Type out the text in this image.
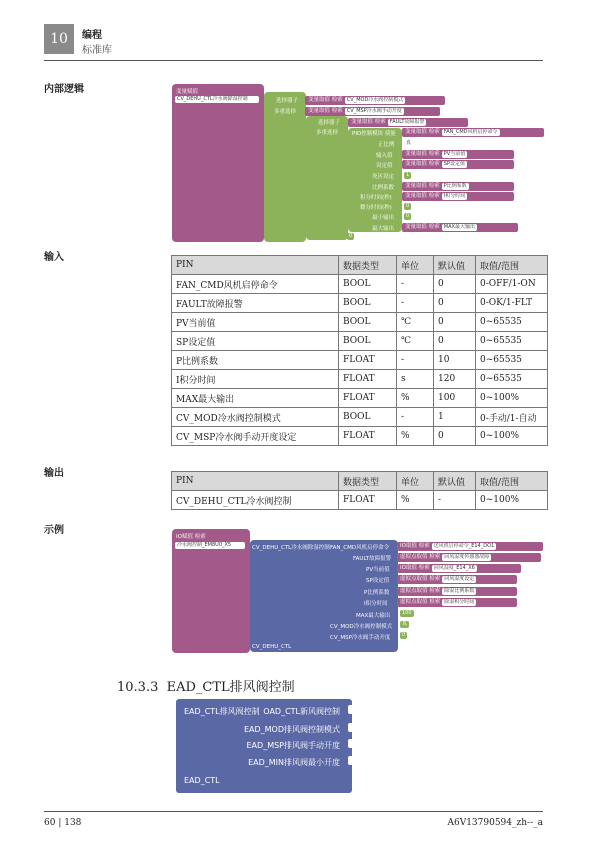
10 编程
标准库
内部逻辑	变量赋值
CV_DEHU_CTL冷水阀除湿控制	选择器子
多重选择
变量取值 检索 CV_MOD冷水阀控制模式
变量取值 检索 CV_MSP冷水阀手动开度
选择器子
多重选择
变量取值 检索 FAULT故障报警
PID控制模块 使能	变量取值 检索 FAN_CMD风机启停命令
正比例	真
输入值	变量取值 检索 PV当前值
设定值	变量取值 检索 SP设定值
死区设定	1
比例系数	变量取值 检索 P比例系数
积分时间(秒)	变量取值 检索 I积分时间
微分时间(秒)	0
最小输出	0
最大输出	变量取值 检索 MAX最大输出
0
输入
PIN	数据类型	单位	默认值	取值/范围
FAN_CMD风机启停命令	BOOL	-	0	0-OFF/1-ON
FAULT故障报警	BOOL	-	0	0-OK/1-FLT
PV当前值	BOOL	℃	0	0~65535
SP设定值	BOOL	℃	0	0~65535
P比例系数	FLOAT	-	10	0~65535
I积分时间	FLOAT	s	120	0~65535
MAX最大输出	FLOAT	%	100	0~100%
CV_MOD冷水阀控制模式	BOOL	-	1	0-手动/1-自动
CV_MSP冷水阀手动开度设定	FLOAT	%	0	0~100%
输出
PIN	数据类型	单位	默认值	取值/范围
CV_DEHU_CTL冷水阀控制	FLOAT	%	-	0~100%
示例
IO赋值 检索
冷水阀控制_EM8U0_X5	CV_DEHU_CTL冷水阀除湿控制
CV_DEHU_CTL
FAN_CMD风机启停命令	IO取值 检索 送风机启停命令_E14_DO1
FAULT故障报警	虚拟点取值 检索 回风湿度传感器故障
PV当前值	IO取值 检索 回风湿度_E14_X6
SP设定值	虚拟点取值 检索 回风湿度设定
P比例系数	虚拟点取值 检索 除湿比例系数
I积分时间	虚拟点取值 检索 除湿积分时间
MAX最大输出	100
CV_MOD冷水阀控制模式	真
CV_MSP冷水阀手动开度	0
10.3.3 EAD_CTL排风阀控制
EAD_CTL排风阀控制 OAD_CTL新风阀控制
EAD_MOD排风阀控制模式
EAD_MSP排风阀手动开度
EAD_MIN排风阀最小开度
EAD_CTL
60 | 138	A6V13790594_zh--_a
